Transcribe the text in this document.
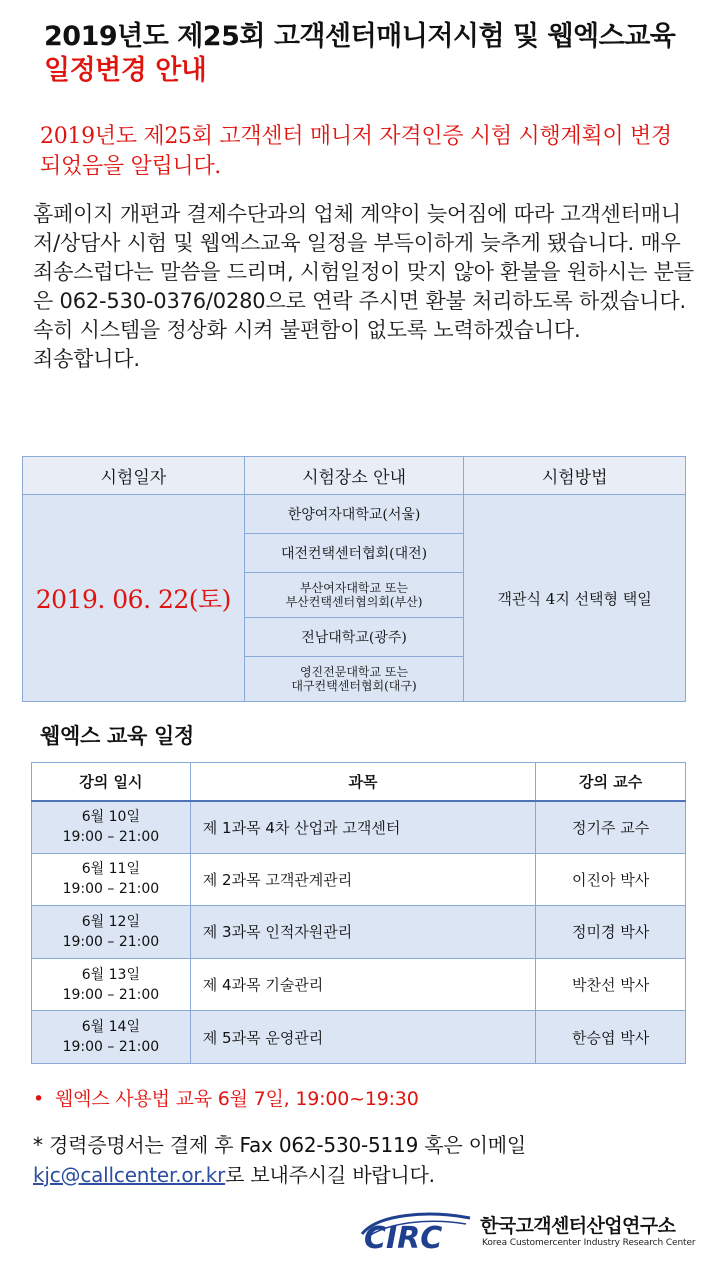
2019년도 제25회 고객센터매니저시험 및 웹엑스교육
일정변경 안내
2019년도 제25회 고객센터 매니저 자격인증 시험 시행계획이 변경되었음을 알립니다.

홈페이지 개편과 결제수단과의 업체 계약이 늦어짐에 따라 고객센터매니저/상담사 시험 및 웹엑스교육 일정을 부득이하게 늦추게 됐습니다. 매우 죄송스럽다는 말씀을 드리며, 시험일정이 맞지 않아 환불을 원하시는 분들은 062-530-0376/0280으로 연락 주시면 환불 처리하도록 하겠습니다.

속히 시스템을 정상화 시켜 불편함이 없도록 노력하겠습니다.

죄송합니다.

시험일자	시험장소 안내	시험방법
2019. 06. 22(토)	한양여자대학교(서울)	객관식 4지 선택형 택일
	대전컨택센터협회(대전)	
	부산여자대학교 또는
부산컨택센터협의회(부산)	
	전남대학교(광주)	
	영진전문대학교 또는
대구컨택센터협회(대구)	
웹엑스 교육 일정
강의 일시	과목	강의 교수
6월 10일
19:00 – 21:00	제 1과목 4차 산업과 고객센터	정기주 교수
6월 11일
19:00 – 21:00	제 2과목 고객관계관리	이진아 박사
6월 12일
19:00 – 21:00	제 3과목 인적자원관리	정미경 박사
6월 13일
19:00 – 21:00	제 4과목 기술관리	박찬선 박사
6월 14일
19:00 – 21:00	제 5과목 운영관리	한승엽 박사
• 웹엑스 사용법 교육 6월 7일, 19:00~19:30
* 경력증명서는 결제 후 Fax 062-530-5119 혹은 이메일
kjc@callcenter.or.kr로 보내주시길 바랍니다.
CIRC 한국고객센터산업연구소
Korea Customercenter Industry Research Center
